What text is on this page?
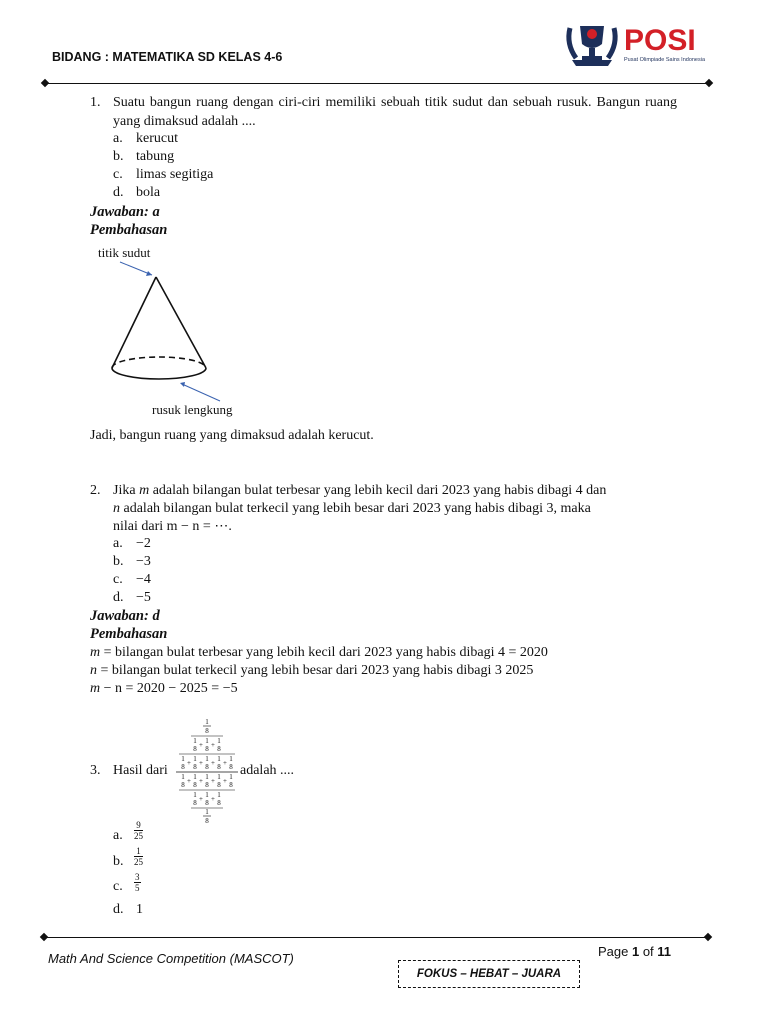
BIDANG : MATEMATIKA SD KELAS 4-6	POSI
Pusat Olimpiade Sains Indonesia
1. Suatu bangun ruang dengan ciri-ciri memiliki sebuah titik sudut dan sebuah rusuk. Bangun ruang yang dimaksud adalah ....
a. kerucut
b. tabung
c. limas segitiga
d. bola
Jawaban: a
Pembahasan
titik sudut
rusuk lengkung
Jadi, bangun ruang yang dimaksud adalah kerucut.
2. Jika m adalah bilangan bulat terbesar yang lebih kecil dari 2023 yang habis dibagi 4 dan
n adalah bilangan bulat terkecil yang lebih besar dari 2023 yang habis dibagi 3, maka
nilai dari m − n = ⋯.
a. −2
b. −3
c. −4
d. −5
Jawaban: d
Pembahasan
m = bilangan bulat terbesar yang lebih kecil dari 2023 yang habis dibagi 4 = 2020
n = bilangan bulat terkecil yang lebih besar dari 2023 yang habis dibagi 3 2025
m − n = 2020 − 2025 = −5
3. Hasil dari
1
8
1 1 1
+ +
8 8 8
1 1 1 1 1
+ + + +
8 8 8 8 8
1 1 1 1 1
+ + + +
8 8 8 8 8
1 1 1
+ +
8 8 8
1
8
adalah ....
a. $\frac{9}{25}$
b. $\frac{1}{25}$
c. $\frac{3}{5}$
d. 1
Math And Science Competition (MASCOT)	Page 1 of 11
FOKUS – HEBAT – JUARA
